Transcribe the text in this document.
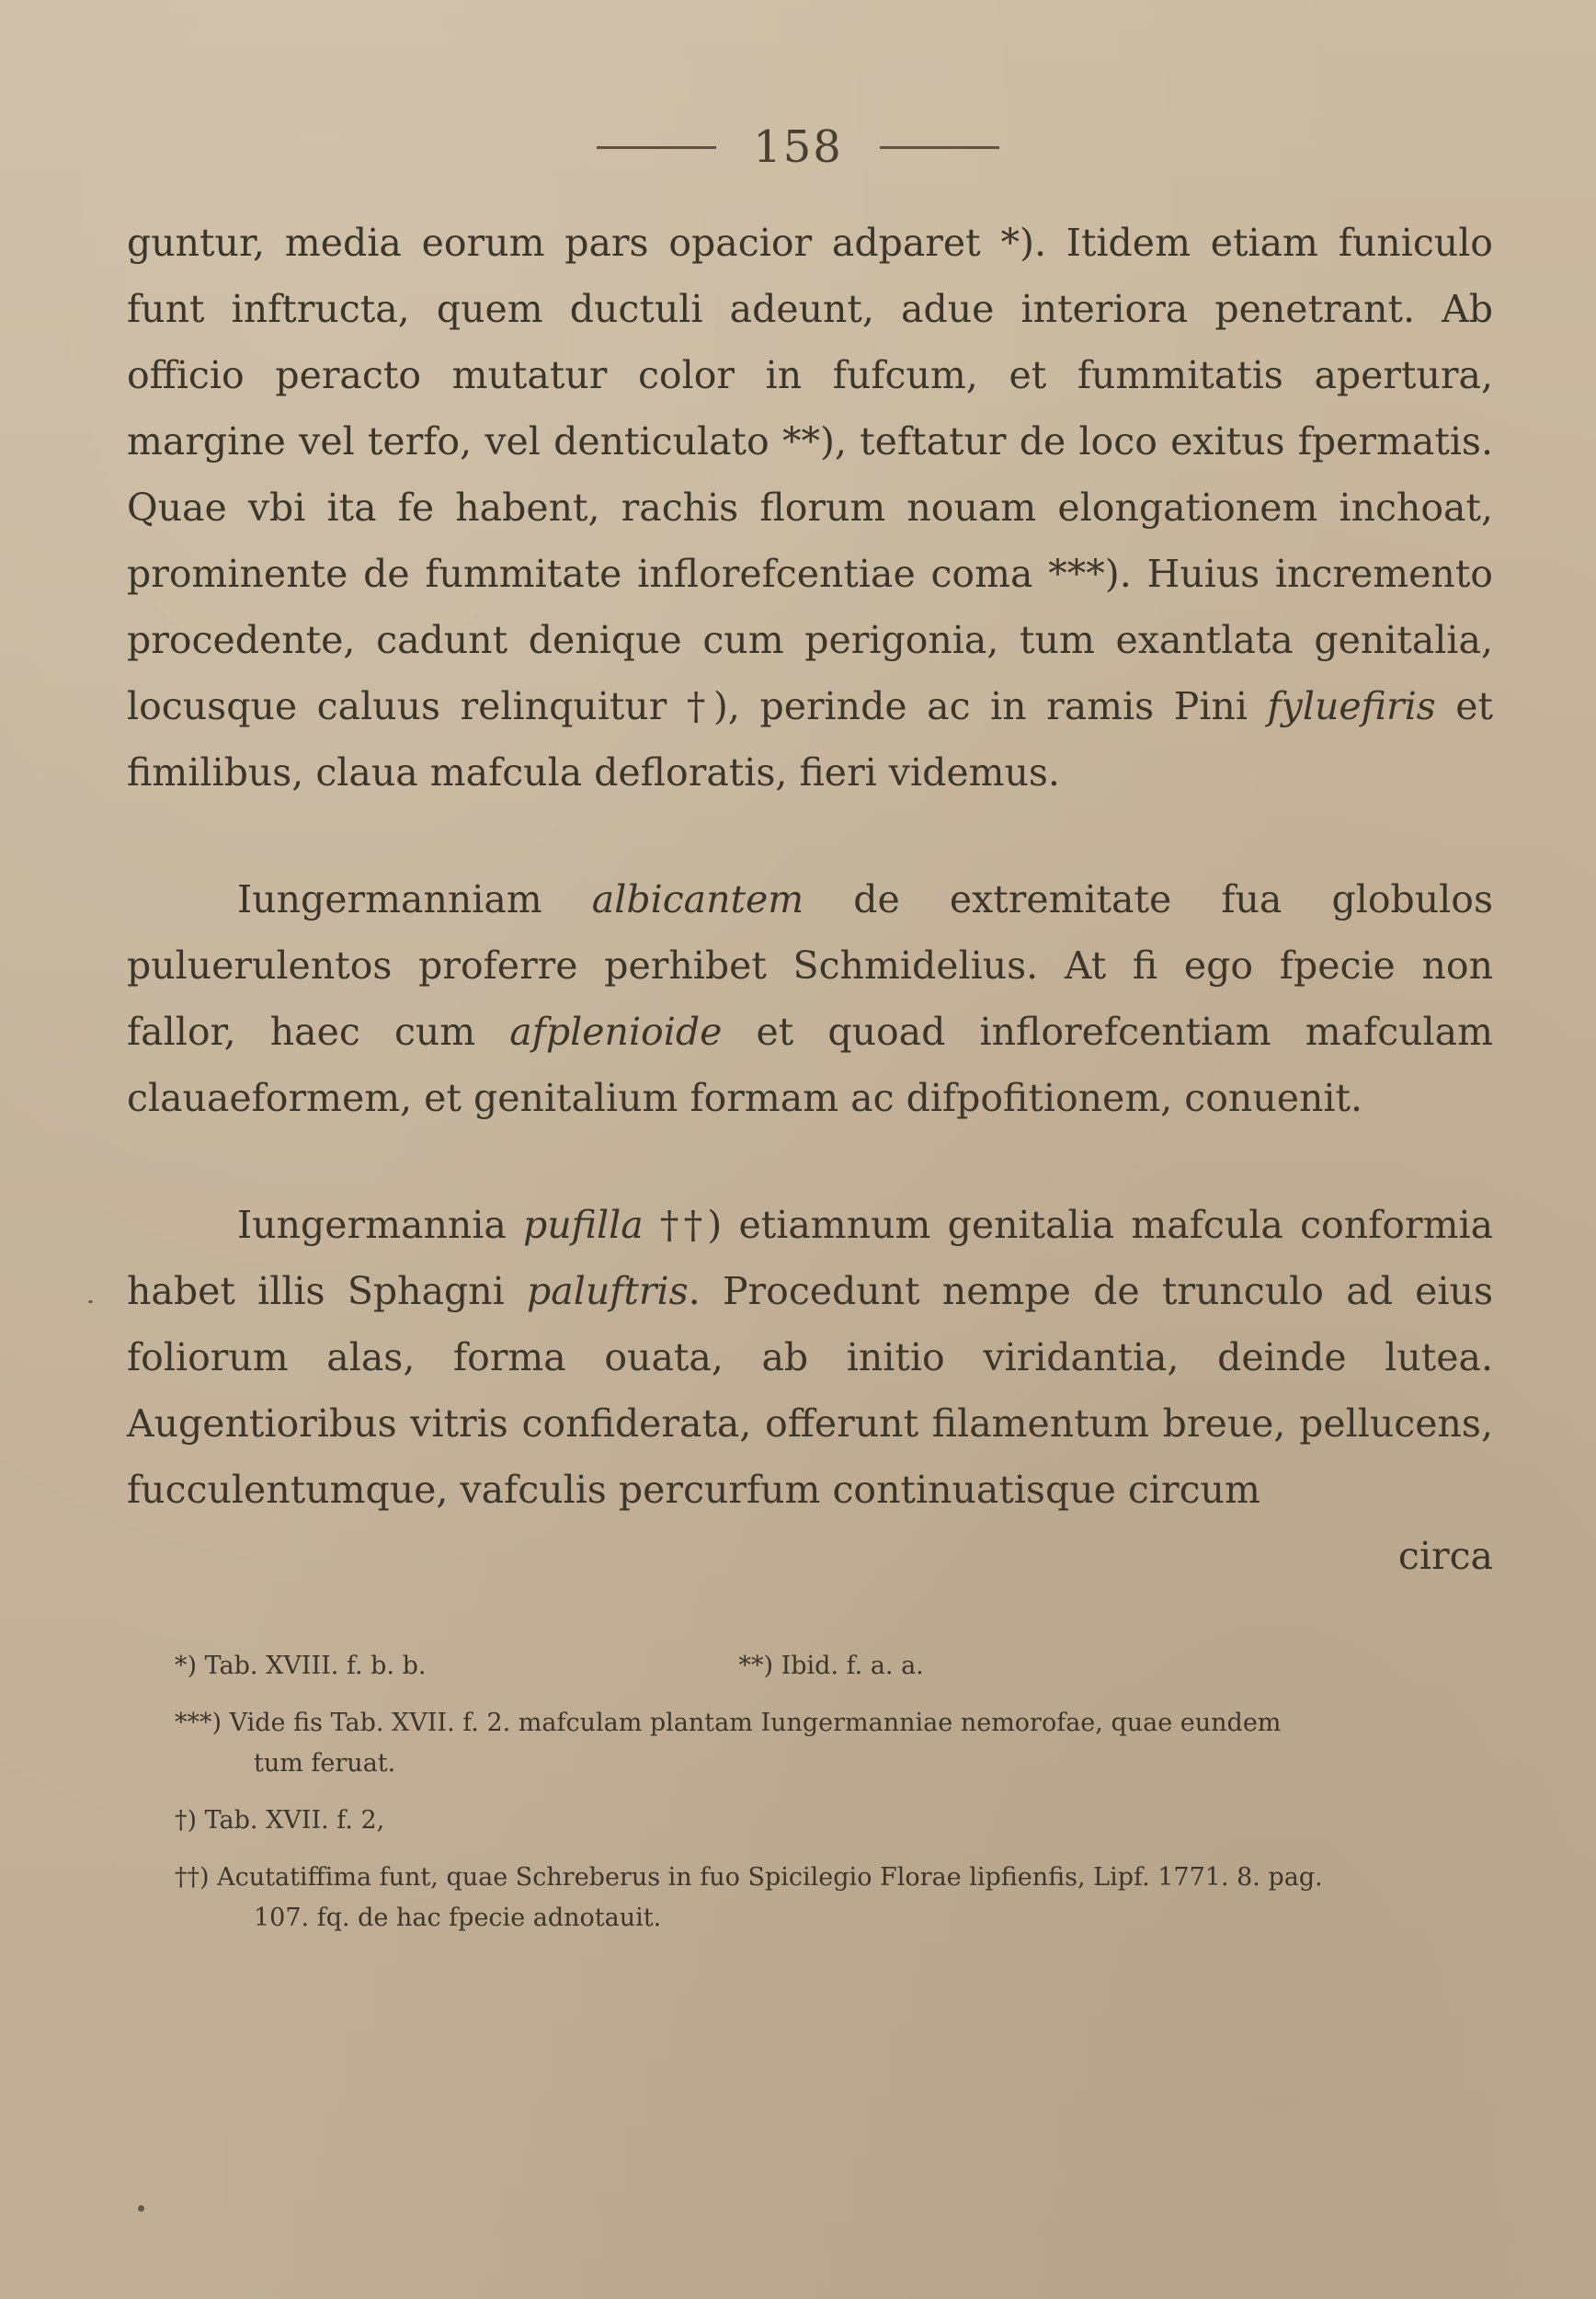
158

guntur, media eorum pars opacior adparet *). Itidem etiam funiculo funt inftructa, quem ductuli adeunt, adue interiora penetrant. Ab officio peracto mutatur color in fufcum, et fummitatis apertura, margine vel terfo, vel denticulato **), teftatur de loco exitus fpermatis. Quae vbi ita fe habent, rachis florum nouam elongationem inchoat, prominente de fummitate inflorefcentiae coma ***). Huius incremento procedente, cadunt denique cum perigonia, tum exantlata genitalia, locusque caluus relinquitur †), perinde ac in ramis Pini fyluefiris et fimilibus, claua mafcula defloratis, fieri videmus.

Iungermanniam albicantem de extremitate fua globulos puluerulentos proferre perhibet Schmidelius. At fi ego fpecie non fallor, haec cum afplenioide et quoad inflorefcentiam mafculam clauaeformem, et genitalium formam ac difpofitionem, conuenit.

Iungermannia pufilla ††) etiamnum genitalia mafcula conformia habet illis Sphagni paluftris. Procedunt nempe de trunculo ad eius foliorum alas, forma ouata, ab initio viridantia, deinde lutea. Augentioribus vitris confiderata, offerunt filamentum breue, pellucens, fucculentumque, vafculis percurfum continuatisque circum

circa
*) Tab. XVIII. f. b. b.	**) Ibid. f. a. a.
***) Vide fis Tab. XVII. f. 2. mafculam plantam Iungermanniae nemorofae, quae eundem
tum feruat.
†) Tab. XVII. f. 2,
††) Acutatiffima funt, quae Schreberus in fuo Spicilegio Florae lipfienfis, Lipf. 1771. 8. pag.
107. fq. de hac fpecie adnotauit.
